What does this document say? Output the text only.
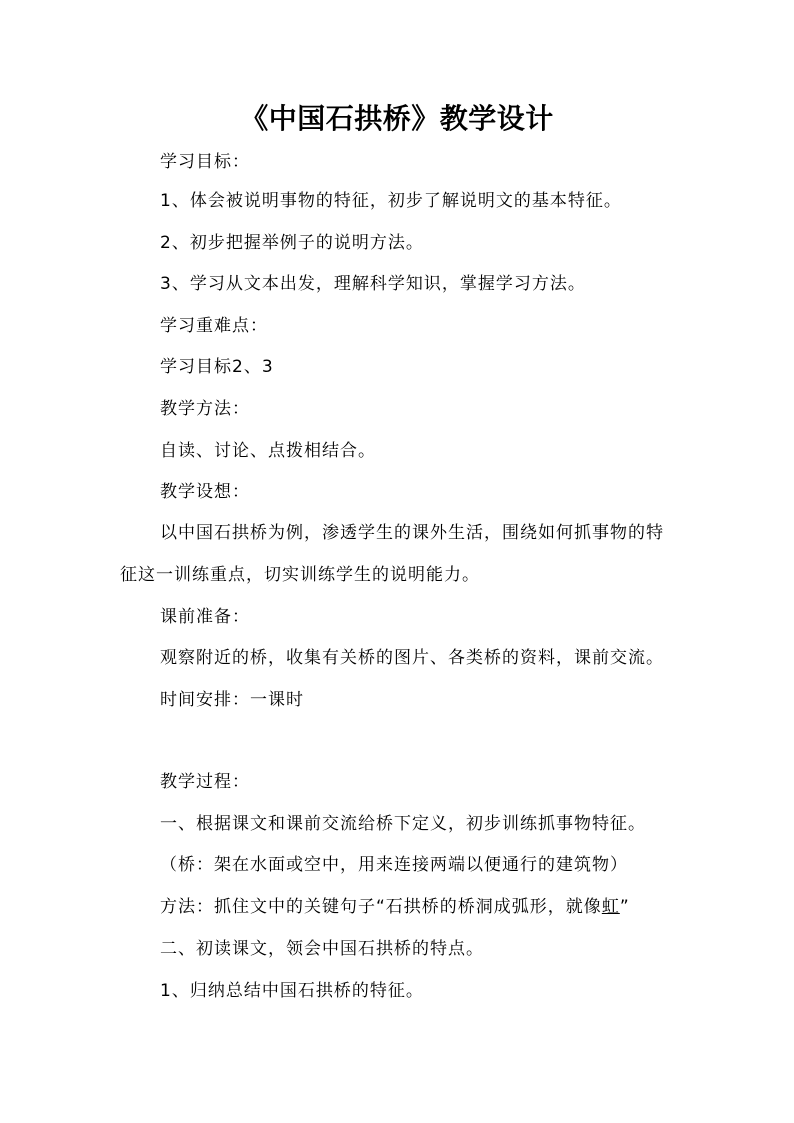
《中国石拱桥》教学设计
学习目标：
1、体会被说明事物的特征，初步了解说明文的基本特征。
2、初步把握举例子的说明方法。
3、学习从文本出发，理解科学知识，掌握学习方法。
学习重难点：
学习目标2、3
教学方法：
自读、讨论、点拨相结合。
教学设想：
以中国石拱桥为例，渗透学生的课外生活，围绕如何抓事物的特
征这一训练重点，切实训练学生的说明能力。
课前准备：
观察附近的桥，收集有关桥的图片、各类桥的资料，课前交流。
时间安排：一课时
教学过程：
一、根据课文和课前交流给桥下定义，初步训练抓事物特征。
（桥：架在水面或空中，用来连接两端以便通行的建筑物）
方法：抓住文中的关键句子“石拱桥的桥洞成弧形，就像虹”
二、初读课文，领会中国石拱桥的特点。
1、归纳总结中国石拱桥的特征。
